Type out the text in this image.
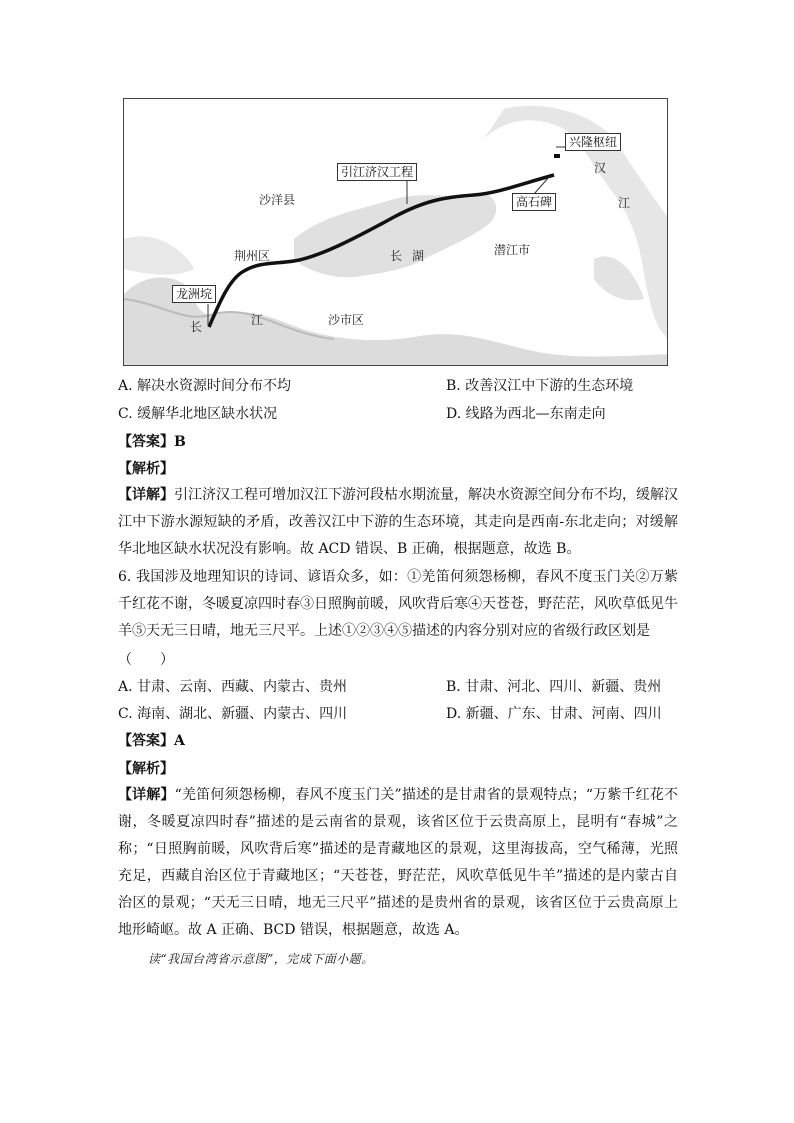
兴隆枢纽
汉
江
引江济汉工程
沙洋县	高石碑
荆州区	长 湖	潜江市
龙洲垸
长	江	沙市区
A. 解决水资源时间分布不均	B. 改善汉江中下游的生态环境
C. 缓解华北地区缺水状况	D. 线路为西北—东南走向
【答案】B
【解析】
【详解】引江济汉工程可增加汉江下游河段枯水期流量，解决水资源空间分布不均，缓解汉江中下游水源短缺的矛盾，改善汉江中下游的生态环境，其走向是西南-东北走向；对缓解华北地区缺水状况没有影响。故 ACD 错误、B 正确，根据题意，故选 B。
6. 我国涉及地理知识的诗词、谚语众多，如：①羌笛何须怨杨柳，春风不度玉门关②万紫千红花不谢，冬暖夏凉四时春③日照胸前暖，风吹背后寒④天苍苍，野茫茫，风吹草低见牛羊⑤天无三日晴，地无三尺平。上述①②③④⑤描述的内容分别对应的省级行政区划是
（　　）
A. 甘肃、云南、西藏、内蒙古、贵州	B. 甘肃、河北、四川、新疆、贵州
C. 海南、湖北、新疆、内蒙古、四川	D. 新疆、广东、甘肃、河南、四川
【答案】A
【解析】
【详解】“羌笛何须怨杨柳，春风不度玉门关”描述的是甘肃省的景观特点；“万紫千红花不谢，冬暖夏凉四时春”描述的是云南省的景观，该省区位于云贵高原上，昆明有“春城”之称；“日照胸前暖，风吹背后寒”描述的是青藏地区的景观，这里海拔高，空气稀薄，光照充足，西藏自治区位于青藏地区；“天苍苍，野茫茫，风吹草低见牛羊”描述的是内蒙古自治区的景观；“天无三日晴，地无三尺平”描述的是贵州省的景观，该省区位于云贵高原上地形崎岖。故 A 正确、BCD 错误，根据题意，故选 A。
读“我国台湾省示意图”，完成下面小题。
